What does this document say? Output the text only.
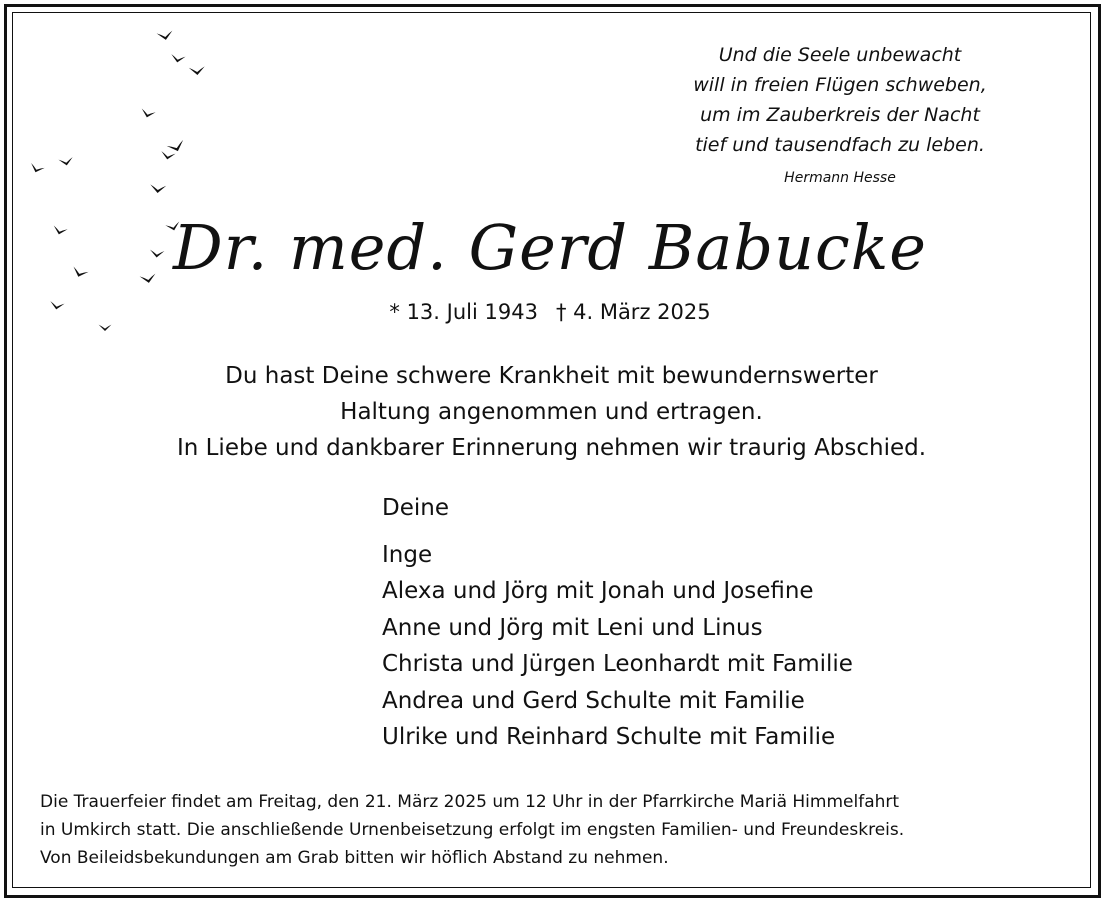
Und die Seele unbewacht
will in freien Flügen schweben,
um im Zauberkreis der Nacht
tief und tausendfach zu leben.
Hermann Hesse
Dr. med. Gerd Babucke
* 13. Juli 1943 † 4. März 2025
Du hast Deine schwere Krankheit mit bewundernswerter
Haltung angenommen und ertragen.
In Liebe und dankbarer Erinnerung nehmen wir traurig Abschied.
Deine
Inge
Alexa und Jörg mit Jonah und Josefine
Anne und Jörg mit Leni und Linus
Christa und Jürgen Leonhardt mit Familie
Andrea und Gerd Schulte mit Familie
Ulrike und Reinhard Schulte mit Familie
Die Trauerfeier findet am Freitag, den 21. März 2025 um 12 Uhr in der Pfarrkirche Mariä Himmelfahrt
in Umkirch statt. Die anschließende Urnenbeisetzung erfolgt im engsten Familien- und Freundeskreis.
Von Beileidsbekundungen am Grab bitten wir höflich Abstand zu nehmen.
